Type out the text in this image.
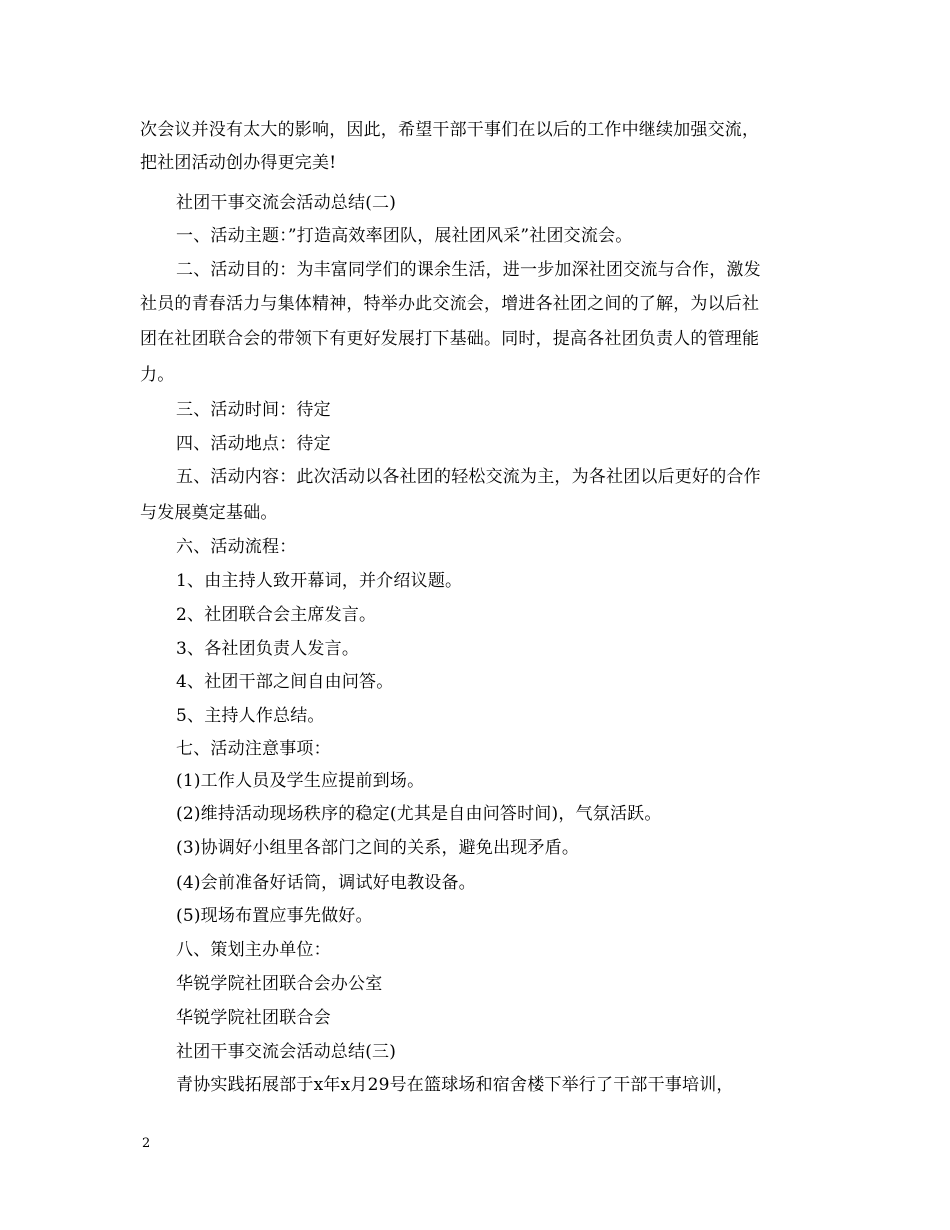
次会议并没有太大的影响，因此，希望干部干事们在以后的工作中继续加强交流，
把社团活动创办得更完美!
社团干事交流会活动总结(二)
一、活动主题：”打造高效率团队，展社团风采”社团交流会。
二、活动目的：为丰富同学们的课余生活，进一步加深社团交流与合作，激发
社员的青春活力与集体精神，特举办此交流会，增进各社团之间的了解，为以后社
团在社团联合会的带领下有更好发展打下基础。同时，提高各社团负责人的管理能
力。
三、活动时间：待定
四、活动地点：待定
五、活动内容：此次活动以各社团的轻松交流为主，为各社团以后更好的合作
与发展奠定基础。
六、活动流程：
1、由主持人致开幕词，并介绍议题。
2、社团联合会主席发言。
3、各社团负责人发言。
4、社团干部之间自由问答。
5、主持人作总结。
七、活动注意事项：
(1)工作人员及学生应提前到场。
(2)维持活动现场秩序的稳定(尤其是自由问答时间)，气氛活跃。
(3)协调好小组里各部门之间的关系，避免出现矛盾。
(4)会前准备好话筒，调试好电教设备。
(5)现场布置应事先做好。
八、策划主办单位：
华锐学院社团联合会办公室
华锐学院社团联合会
社团干事交流会活动总结(三)
青协实践拓展部于x年x月29号在篮球场和宿舍楼下举行了干部干事培训，
2
